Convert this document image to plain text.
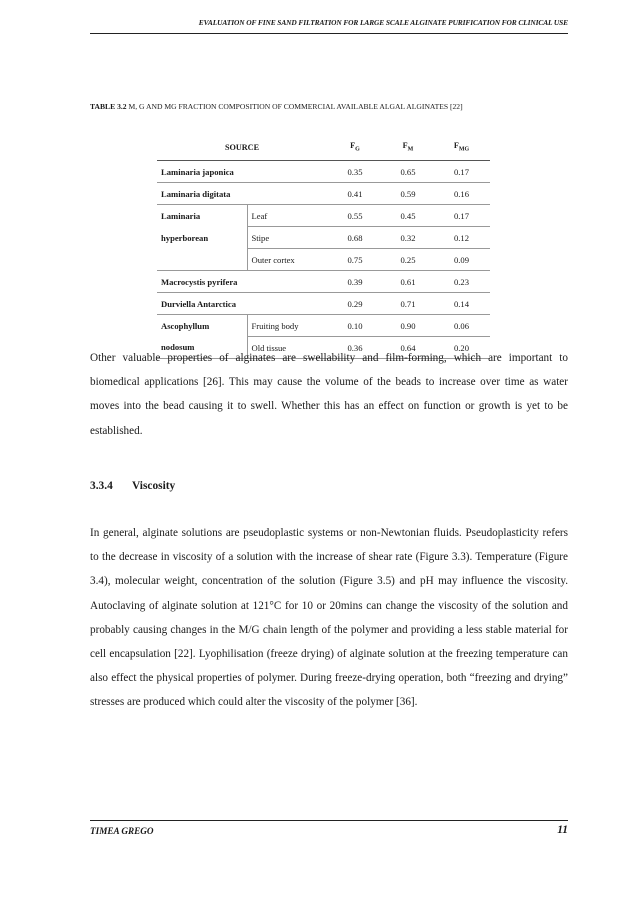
EVALUATION OF FINE SAND FILTRATION FOR LARGE SCALE ALGINATE PURIFICATION FOR CLINICAL USE
TABLE 3.2 M, G AND MG FRACTION COMPOSITION OF COMMERCIAL AVAILABLE ALGAL ALGINATES [22]
SOURCE		$F_G$	$F_M$	$F_{MG}$
Laminaria japonica		0.35	0.65	0.17
Laminaria digitata		0.41	0.59	0.16
Laminaria	Leaf	0.55	0.45	0.17
hyperborean	Stipe	0.68	0.32	0.12
	Outer cortex	0.75	0.25	0.09
Macrocystis pyrifera		0.39	0.61	0.23
Durviella Antarctica		0.29	0.71	0.14
Ascophyllum	Fruiting body	0.10	0.90	0.06
nodosum	Old tissue	0.36	0.64	0.20

Other valuable properties of alginates are swellability and film-forming, which are important to biomedical applications [26]. This may cause the volume of the beads to increase over time as water moves into the bead causing it to swell. Whether this has an effect on function or growth is yet to be established.

3.3.4 Viscosity

In general, alginate solutions are pseudoplastic systems or non-Newtonian fluids. Pseudoplasticity refers to the decrease in viscosity of a solution with the increase of shear rate (Figure 3.3). Temperature (Figure 3.4), molecular weight, concentration of the solution (Figure 3.5) and pH may influence the viscosity. Autoclaving of alginate solution at 121°C for 10 or 20mins can change the viscosity of the solution and probably causing changes in the M/G chain length of the polymer and providing a less stable material for cell encapsulation [22]. Lyophilisation (freeze drying) of alginate solution at the freezing temperature can also effect the physical properties of polymer. During freeze-drying operation, both “freezing and drying” stresses are produced which could alter the viscosity of the polymer [36].

TIMEA GREGO	11
